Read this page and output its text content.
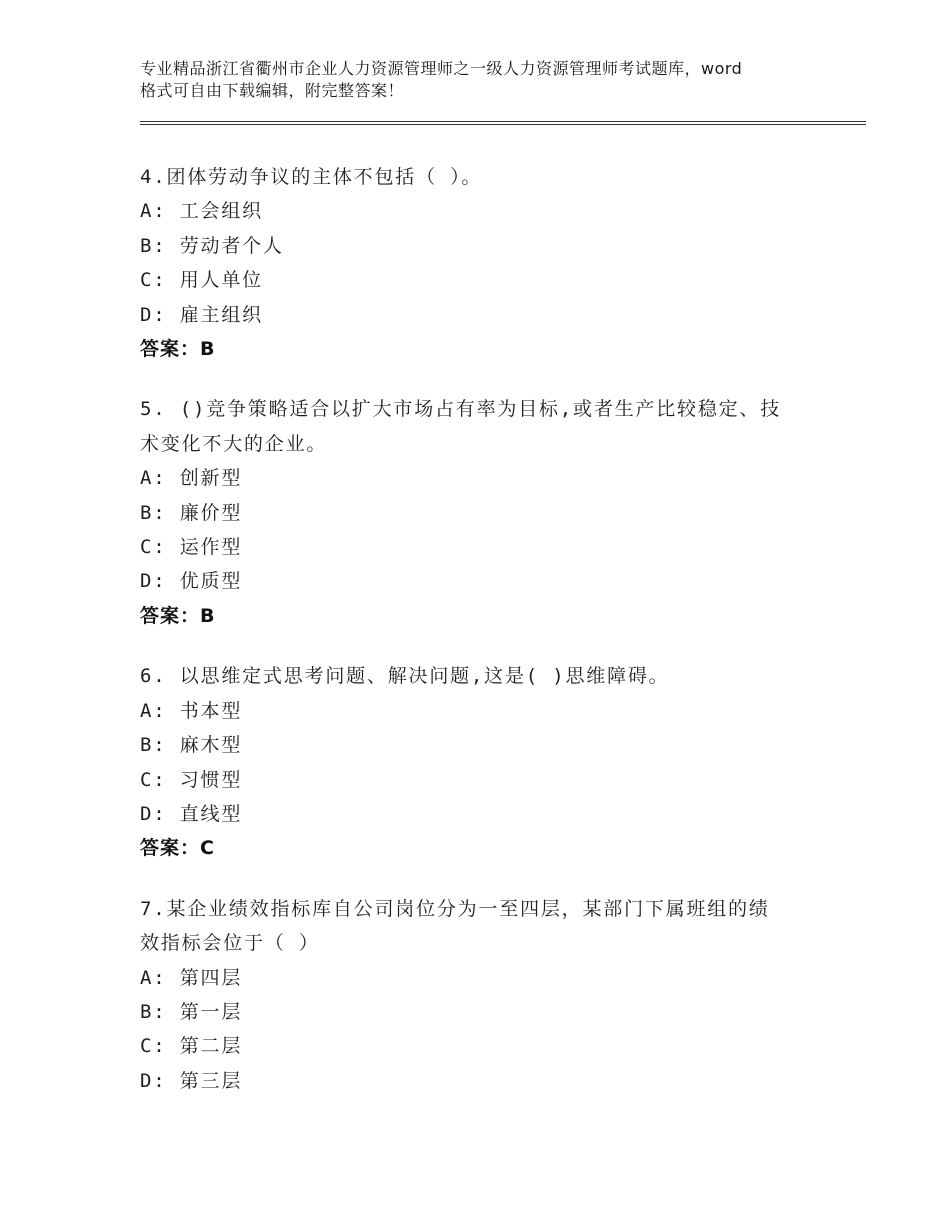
专业精品浙江省衢州市企业人力资源管理师之一级人力资源管理师考试题库，word
格式可自由下载编辑，附完整答案！
4.团体劳动争议的主体不包括（ ）。
A: 工会组织
B: 劳动者个人
C: 用人单位
D: 雇主组织
答案：B
5. ()竞争策略适合以扩大市场占有率为目标,或者生产比较稳定、技
术变化不大的企业。
A: 创新型
B: 廉价型
C: 运作型
D: 优质型
答案：B
6. 以思维定式思考问题、解决问题,这是( )思维障碍。
A: 书本型
B: 麻木型
C: 习惯型
D: 直线型
答案：C
7.某企业绩效指标库自公司岗位分为一至四层，某部门下属班组的绩
效指标会位于（ ）
A: 第四层
B: 第一层
C: 第二层
D: 第三层
